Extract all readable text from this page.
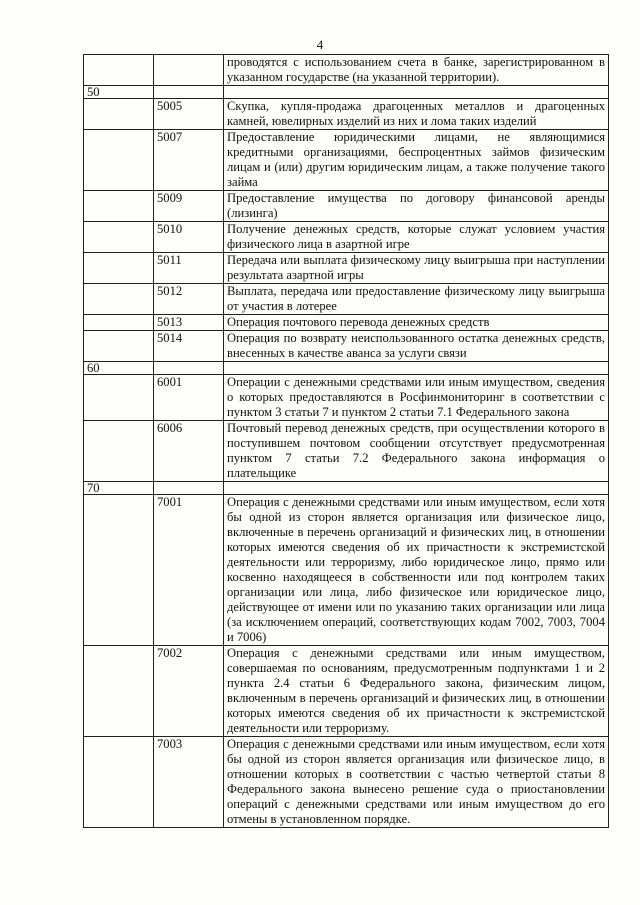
4
		проводятся с использованием счета в банке, зарегистрированном в указанном государстве (на указанной территории).
50		
	5005	Скупка, купля-продажа драгоценных металлов и драгоценных камней, ювелирных изделий из них и лома таких изделий
	5007	Предоставление юридическими лицами, не являющимися кредитными организациями, беспроцентных займов физическим лицам и (или) другим юридическим лицам, а также получение такого займа
	5009	Предоставление имущества по договору финансовой аренды (лизинга)
	5010	Получение денежных средств, которые служат условием участия физического лица в азартной игре
	5011	Передача или выплата физическому лицу выигрыша при наступлении результата азартной игры
	5012	Выплата, передача или предоставление физическому лицу выигрыша от участия в лотерее
	5013	Операция почтового перевода денежных средств
	5014	Операция по возврату неиспользованного остатка денежных средств, внесенных в качестве аванса за услуги связи
60		
	6001	Операции с денежными средствами или иным имуществом, сведения о которых предоставляются в Росфинмониторинг в соответствии с пунктом 3 статьи 7 и пунктом 2 статьи 7.1 Федерального закона
	6006	Почтовый перевод денежных средств, при осуществлении которого в поступившем почтовом сообщении отсутствует предусмотренная пунктом 7 статьи 7.2 Федерального закона информация о плательщике
70		
	7001	Операция с денежными средствами или иным имуществом, если хотя бы одной из сторон является организация или физическое лицо, включенные в перечень организаций и физических лиц, в отношении которых имеются сведения об их причастности к экстремистской деятельности или терроризму, либо юридическое лицо, прямо или косвенно находящееся в собственности или под контролем таких организации или лица, либо физическое или юридическое лицо, действующее от имени или по указанию таких организации или лица (за исключением операций, соответствующих кодам 7002, 7003, 7004 и 7006)
	7002	Операция с денежными средствами или иным имуществом, совершаемая по основаниям, предусмотренным подпунктами 1 и 2 пункта 2.4 статьи 6 Федерального закона, физическим лицом, включенным в перечень организаций и физических лиц, в отношении которых имеются сведения об их причастности к экстремистской деятельности или терроризму.
	7003	Операция с денежными средствами или иным имуществом, если хотя бы одной из сторон является организация или физическое лицо, в отношении которых в соответствии с частью четвертой статьи 8 Федерального закона вынесено решение суда о приостановлении операций с денежными средствами или иным имуществом до его отмены в установленном порядке.
